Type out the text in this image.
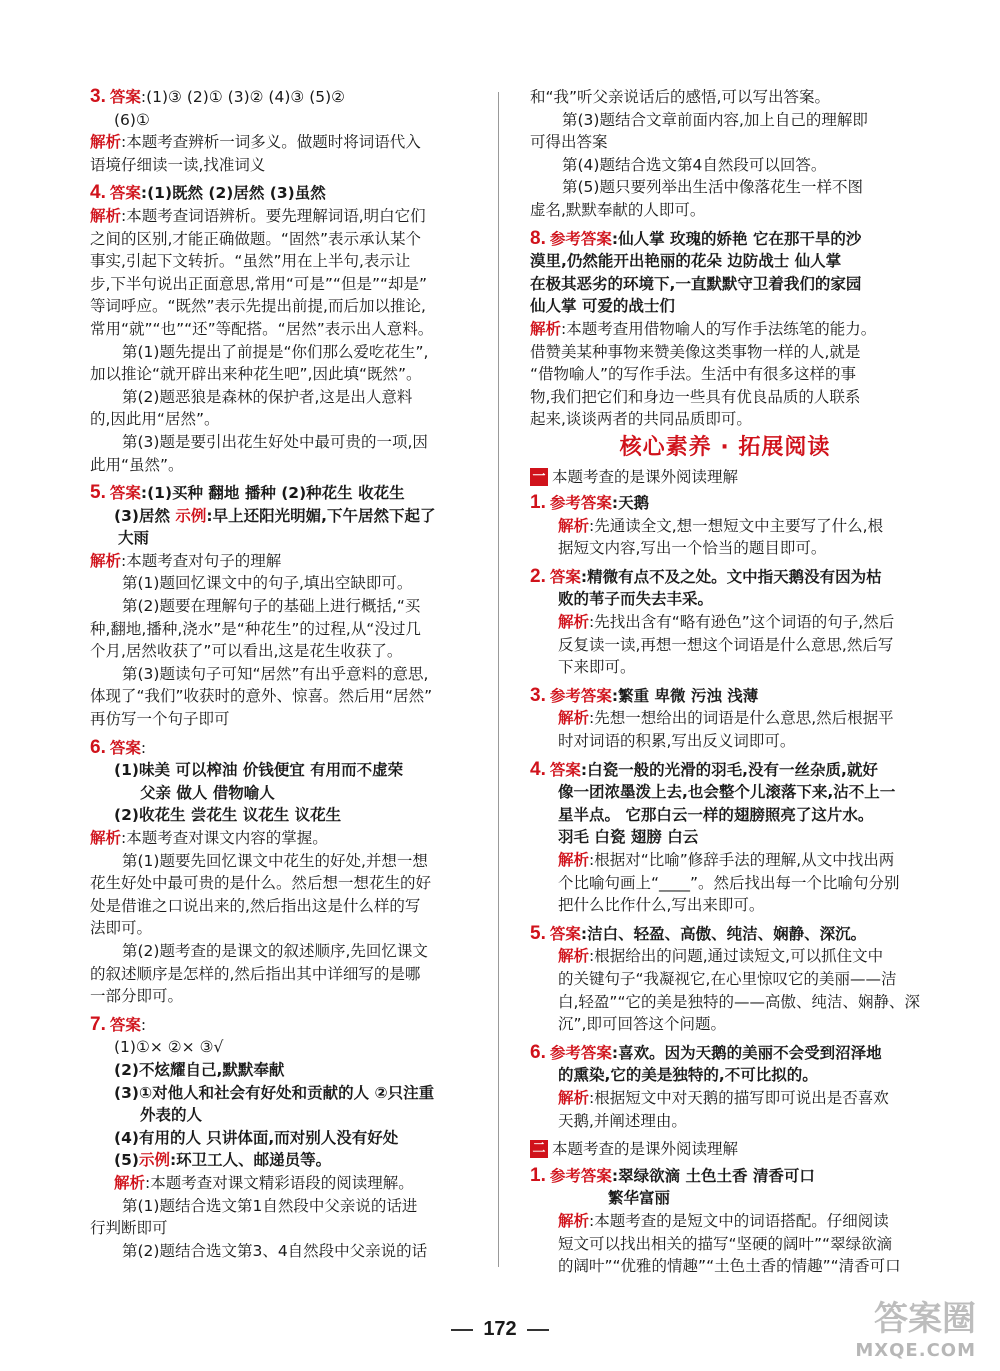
3. 答案:(1)③ (2)① (3)② (4)③ (5)②
(6)①
解析:本题考查辨析一词多义。做题时将词语代入
语境仔细读一读,找准词义
4. 答案:(1)既然 (2)居然 (3)虽然
解析:本题考查词语辨析。要先理解词语,明白它们
之间的区别,才能正确做题。“固然”表示承认某个
事实,引起下文转折。“虽然”用在上半句,表示让
步,下半句说出正面意思,常用“可是”“但是”“却是”
等词呼应。“既然”表示先提出前提,而后加以推论,
常用“就”“也”“还”等配搭。“居然”表示出人意料。
第(1)题先提出了前提是“你们那么爱吃花生”,
加以推论“就开辟出来种花生吧”,因此填“既然”。
第(2)题恶狼是森林的保护者,这是出人意料
的,因此用“居然”。
第(3)题是要引出花生好处中最可贵的一项,因
此用“虽然”。
5. 答案:(1)买种 翻地 播种 (2)种花生 收花生
(3)居然 示例:早上还阳光明媚,下午居然下起了
大雨
解析:本题考查对句子的理解
第(1)题回忆课文中的句子,填出空缺即可。
第(2)题要在理解句子的基础上进行概括,“买
种,翻地,播种,浇水”是“种花生”的过程,从“没过几
个月,居然收获了”可以看出,这是花生收获了。
第(3)题读句子可知“居然”有出乎意料的意思,
体现了“我们”收获时的意外、惊喜。然后用“居然”
再仿写一个句子即可
6. 答案:
(1)味美 可以榨油 价钱便宜 有用而不虚荣
父亲 做人 借物喻人
(2)收花生 尝花生 议花生 议花生
解析:本题考查对课文内容的掌握。
第(1)题要先回忆课文中花生的好处,并想一想
花生好处中最可贵的是什么。然后想一想花生的好
处是借谁之口说出来的,然后指出这是什么样的写
法即可。
第(2)题考查的是课文的叙述顺序,先回忆课文
的叙述顺序是怎样的,然后指出其中详细写的是哪
一部分即可。
7. 答案:
(1)①× ②× ③√
(2)不炫耀自己,默默奉献
(3)①对他人和社会有好处和贡献的人 ②只注重
外表的人
(4)有用的人 只讲体面,而对别人没有好处
(5)示例:环卫工人、邮递员等。
解析:本题考查对课文精彩语段的阅读理解。
第(1)题结合选文第1自然段中父亲说的话进
行判断即可
第(2)题结合选文第3、4自然段中父亲说的话
和“我”听父亲说话后的感悟,可以写出答案。
第(3)题结合文章前面内容,加上自己的理解即
可得出答案
第(4)题结合选文第4自然段可以回答。
第(5)题只要列举出生活中像落花生一样不图
虚名,默默奉献的人即可。
8. 参考答案:仙人掌 玫瑰的娇艳 它在那干旱的沙
漠里,仍然能开出艳丽的花朵 边防战士 仙人掌
在极其恶劣的环境下,一直默默守卫着我们的家园
仙人掌 可爱的战士们
解析:本题考查用借物喻人的写作手法练笔的能力。
借赞美某种事物来赞美像这类事物一样的人,就是
“借物喻人”的写作手法。生活中有很多这样的事
物,我们把它们和身边一些具有优良品质的人联系
起来,谈谈两者的共同品质即可。
核心素养 · 拓展阅读
一 本题考查的是课外阅读理解
1. 参考答案:天鹅
解析:先通读全文,想一想短文中主要写了什么,根
据短文内容,写出一个恰当的题目即可。
2. 答案:精微有点不及之处。文中指天鹅没有因为枯
败的苇子而失去丰采。
解析:先找出含有“略有逊色”这个词语的句子,然后
反复读一读,再想一想这个词语是什么意思,然后写
下来即可。
3. 参考答案:繁重 卑微 污浊 浅薄
解析:先想一想给出的词语是什么意思,然后根据平
时对词语的积累,写出反义词即可。
4. 答案:白瓷一般的光滑的羽毛,没有一丝杂质,就好
像一团浓墨泼上去,也会整个儿滚落下来,沾不上一
星半点。 它那白云一样的翅膀照亮了这片水。
羽毛 白瓷 翅膀 白云
解析:根据对“比喻”修辞手法的理解,从文中找出两
个比喻句画上“____”。然后找出每一个比喻句分别
把什么比作什么,写出来即可。
5. 答案:洁白、轻盈、高傲、纯洁、娴静、深沉。
解析:根据给出的问题,通过读短文,可以抓住文中
的关键句子“我凝视它,在心里惊叹它的美丽——洁
白,轻盈”“它的美是独特的——高傲、纯洁、娴静、深
沉”,即可回答这个问题。
6. 参考答案:喜欢。因为天鹅的美丽不会受到沼泽地
的熏染,它的美是独特的,不可比拟的。
解析:根据短文中对天鹅的描写即可说出是否喜欢
天鹅,并阐述理由。
二 本题考查的是课外阅读理解
1. 参考答案:翠绿欲滴 土色土香 清香可口
繁华富丽
解析:本题考查的是短文中的词语搭配。仔细阅读
短文可以找出相关的描写“坚硬的阔叶”“翠绿欲滴
的阔叶”“优雅的情趣”“土色土香的情趣”“清香可口
172	答案圈
MXQE.COM
